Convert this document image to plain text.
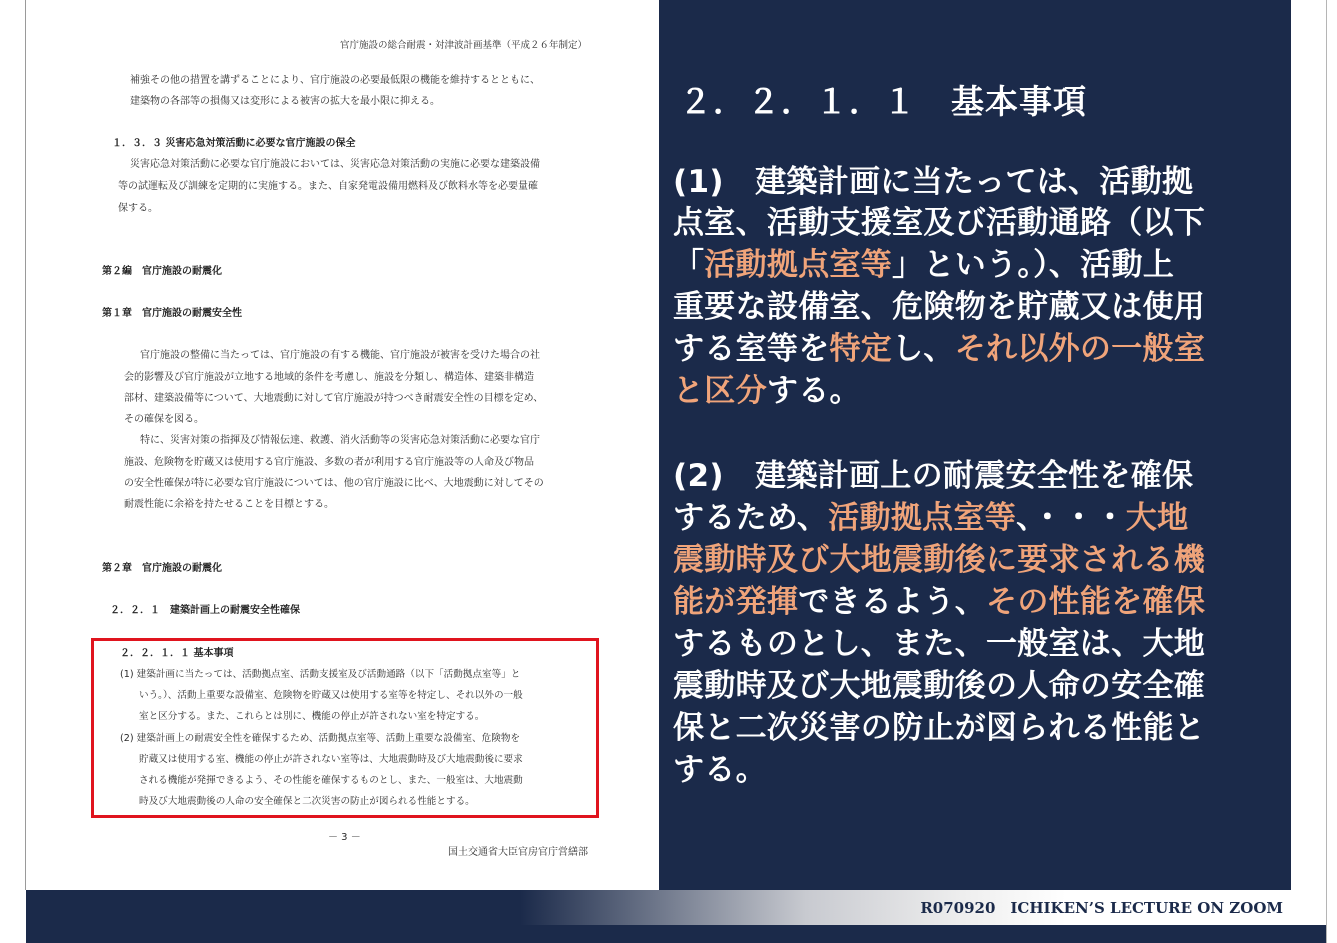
官庁施設の総合耐震・対津波計画基準（平成２６年制定）
補強その他の措置を講ずることにより、官庁施設の必要最低限の機能を維持するとともに、
建築物の各部等の損傷又は変形による被害の拡大を最小限に抑える。
１．３．３ 災害応急対策活動に必要な官庁施設の保全
災害応急対策活動に必要な官庁施設においては、災害応急対策活動の実施に必要な建築設備
等の試運転及び訓練を定期的に実施する。また、自家発電設備用燃料及び飲料水等を必要量確
保する。
第２編　官庁施設の耐震化
第１章　官庁施設の耐震安全性
官庁施設の整備に当たっては、官庁施設の有する機能、官庁施設が被害を受けた場合の社
会的影響及び官庁施設が立地する地域的条件を考慮し、施設を分類し、構造体、建築非構造
部材、建築設備等について、大地震動に対して官庁施設が持つべき耐震安全性の目標を定め、
その確保を図る。
特に、災害対策の指揮及び情報伝達、救護、消火活動等の災害応急対策活動に必要な官庁
施設、危険物を貯蔵又は使用する官庁施設、多数の者が利用する官庁施設等の人命及び物品
の安全性確保が特に必要な官庁施設については、他の官庁施設に比べ、大地震動に対してその
耐震性能に余裕を持たせることを目標とする。
第２章　官庁施設の耐震化
２．２．１　建築計画上の耐震安全性確保
２．２．１．１ 基本事項
(1) 建築計画に当たっては、活動拠点室、活動支援室及び活動通路（以下「活動拠点室等」と
いう。）、活動上重要な設備室、危険物を貯蔵又は使用する室等を特定し、それ以外の一般
室と区分する。また、これらとは別に、機能の停止が許されない室を特定する。
(2) 建築計画上の耐震安全性を確保するため、活動拠点室等、活動上重要な設備室、危険物を
貯蔵又は使用する室、機能の停止が許されない室等は、大地震動時及び大地震動後に要求
される機能が発揮できるよう、その性能を確保するものとし、また、一般室は、大地震動
時及び大地震動後の人命の安全確保と二次災害の防止が図られる性能とする。
－ 3 －
国土交通省大臣官房官庁営繕部
２．２．１．１　基本事項
(1)　建築計画に当たっては、活動拠
点室、活動支援室及び活動通路（以下
「活動拠点室等」という。）、活動上
重要な設備室、危険物を貯蔵又は使用
する室等を特定し、それ以外の一般室
と区分する。
(2)　建築計画上の耐震安全性を確保
するため、活動拠点室等、・・・大地
震動時及び大地震動後に要求される機
能が発揮できるよう、その性能を確保
するものとし、また、一般室は、大地
震動時及び大地震動後の人命の安全確
保と二次災害の防止が図られる性能と
する。
R070920　ICHIKEN’S LECTURE ON ZOOM
